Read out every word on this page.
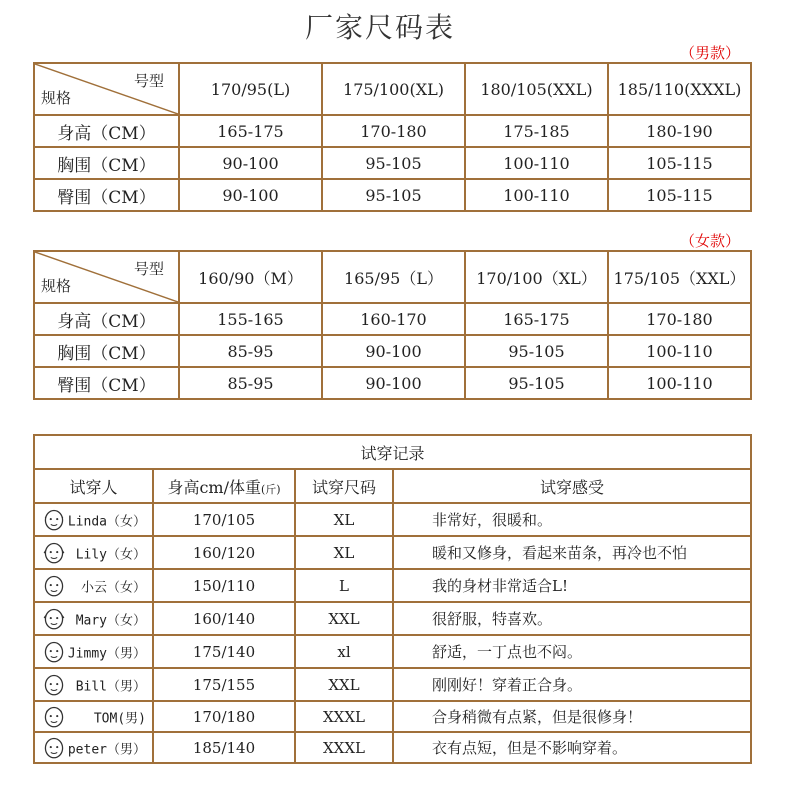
厂家尺码表
（男款）
号型
规格	170/95(L)	175/100(XL)	180/105(XXL)	185/110(XXXL)
身高（CM）	165-175	170-180	175-185	180-190
胸围（CM）	90-100	95-105	100-110	105-115
臀围（CM）	90-100	95-105	100-110	105-115
（女款）
号型
规格	160/90（M）	165/95（L）	170/100（XL）	175/105（XXL）
身高（CM）	155-165	160-170	165-175	170-180
胸围（CM）	85-95	90-100	95-105	100-110
臀围（CM）	85-95	90-100	95-105	100-110
试穿记录			
试穿人	身高cm/体重(斤)	试穿尺码	试穿感受

Linda（女）	170/105	XL	非常好，很暖和。

Lily（女）	160/120	XL	暖和又修身，看起来苗条，再冷也不怕

小云（女）	150/110	L	我的身材非常适合L!

Mary（女）	160/140	XXL	很舒服，特喜欢。

Jimmy（男）	175/140	xl	舒适，一丁点也不闷。

Bill（男）	175/155	XXL	刚刚好！穿着正合身。

TOM(男)	170/180	XXXL	合身稍微有点紧，但是很修身！

peter（男）	185/140	XXXL	衣有点短，但是不影响穿着。
